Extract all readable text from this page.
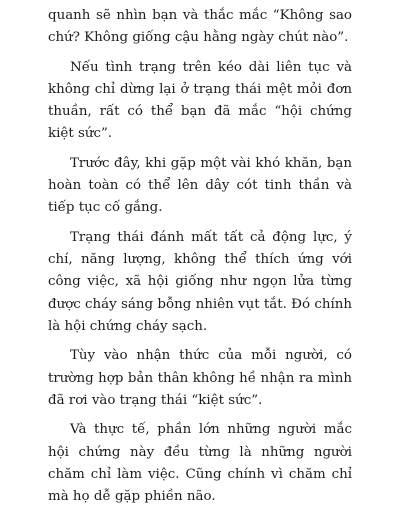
quanh sẽ nhìn bạn và thắc mắc “Không sao chứ? Không giống cậu hằng ngày chút nào”.

Nếu tình trạng trên kéo dài liên tục và không chỉ dừng lại ở trạng thái mệt mỏi đơn thuần, rất có thể bạn đã mắc “hội chứng kiệt sức”.

Trước đây, khi gặp một vài khó khăn, bạn hoàn toàn có thể lên dây cót tinh thần và tiếp tục cố gắng.

Trạng thái đánh mất tất cả động lực, ý chí, năng lượng, không thể thích ứng với công việc, xã hội giống như ngọn lửa từng được cháy sáng bỗng nhiên vụt tắt. Đó chính là hội chứng cháy sạch.

Tùy vào nhận thức của mỗi người, có trường hợp bản thân không hề nhận ra mình đã rơi vào trạng thái “kiệt sức”.

Và thực tế, phần lớn những người mắc hội chứng này đều từng là những người chăm chỉ làm việc. Cũng chính vì chăm chỉ mà họ dễ gặp phiền não.
